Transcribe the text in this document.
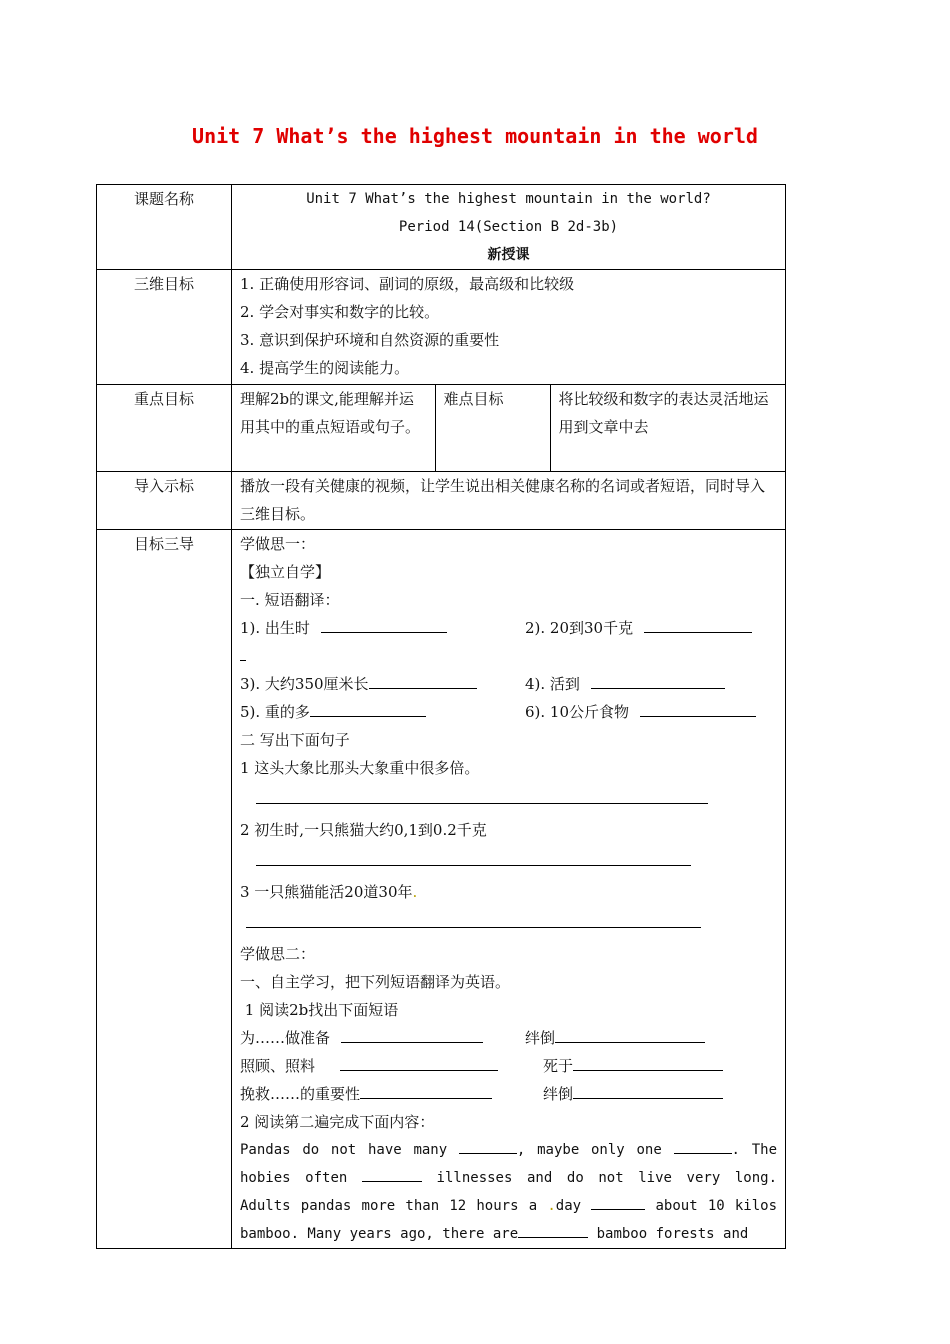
Unit 7 What’s the highest mountain in the world
课题名称	Unit 7 What’s the highest mountain in the world?
Period 14(Section B 2d-3b)
新授课

三维目标	1. 正确使用形容词、副词的原级，最高级和比较级
2. 学会对事实和数字的比较。
3. 意识到保护环境和自然资源的重要性
4. 提高学生的阅读能力。

重点目标		理解2b的课文,能理解并运用其中的重点短语或句子。	难点目标	将比较级和数字的表达灵活地运用到文章中去

导入示标	播放一段有关健康的视频，让学生说出相关健康名称的名词或者短语，同时导入三维目标。
目标三导	学做思一：
【独立自学】
一. 短语翻译：
1). 出生时	2). 20到30千克
3). 大约350厘米长	4). 活到
5). 重的多	6). 10公斤食物
二 写出下面句子
1 这头大象比那头大象重中很多倍。
2 初生时,一只熊猫大约0,1到0.2千克
3 一只熊猫能活20道30年.
学做思二：
一、自主学习，把下列短语翻译为英语。
1 阅读2b找出下面短语
为……做准备	绊倒
照顾、照料	死于
挽救……的重要性	绊倒
2 阅读第二遍完成下面内容：
Pandas do not have many	, maybe only one	. The hobies often	illnesses and do not live very long. Adults pandas more than 12 hours a .day	about 10 kilos bamboo. Many years ago, there are	bamboo forests and
